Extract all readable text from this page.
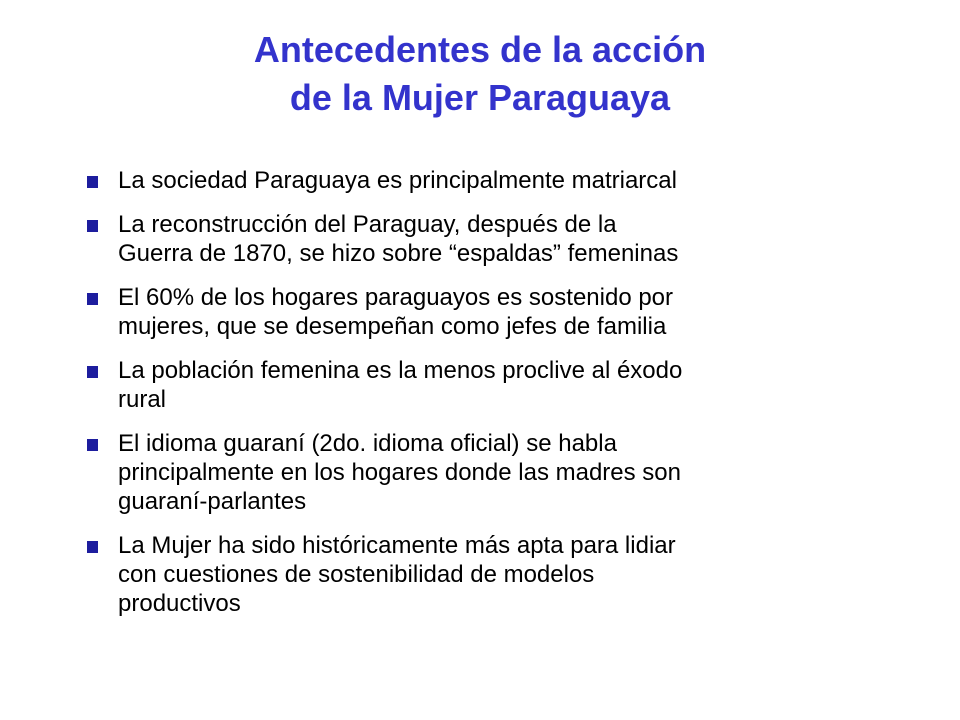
Antecedentes de la acción
de la Mujer Paraguaya
La sociedad Paraguaya es principalmente matriarcal
La reconstrucción del Paraguay, después de la
Guerra de 1870, se hizo sobre “espaldas” femeninas
El 60% de los hogares paraguayos es sostenido por
mujeres, que se desempeñan como jefes de familia
La población femenina es la menos proclive al éxodo
rural
El idioma guaraní (2do. idioma oficial) se habla
principalmente en los hogares donde las madres son
guaraní-parlantes
La Mujer ha sido históricamente más apta para lidiar
con cuestiones de sostenibilidad de modelos
productivos
